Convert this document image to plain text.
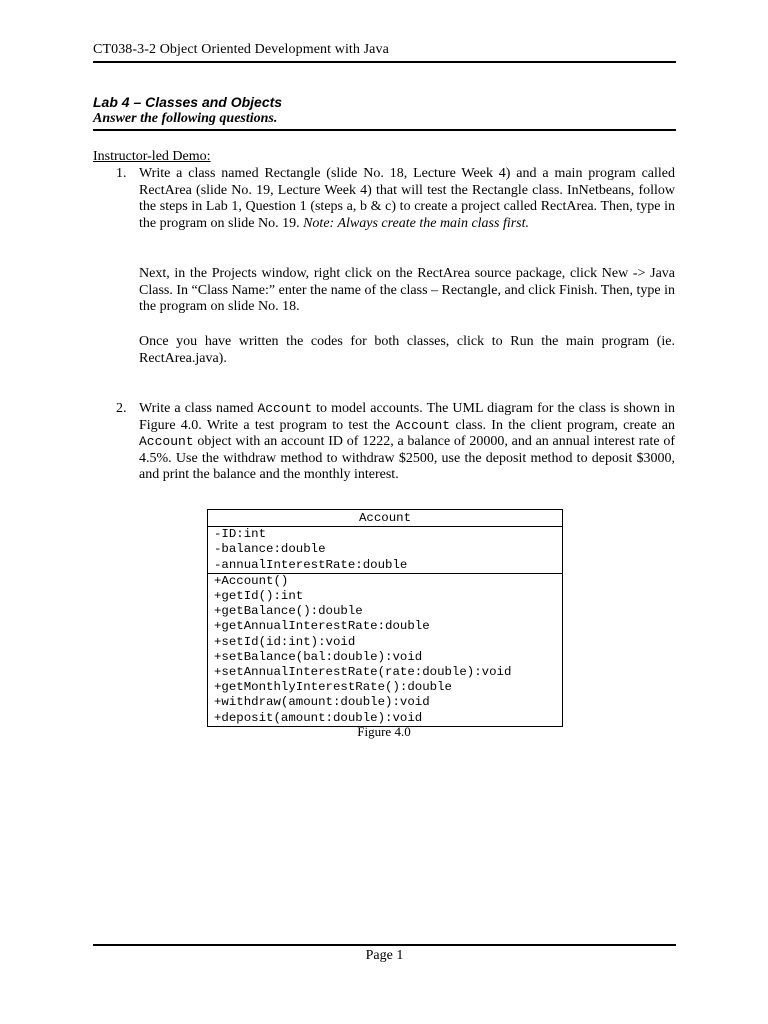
CT038-3-2 Object Oriented Development with Java
Lab 4 – Classes and Objects
Answer the following questions.
Instructor-led Demo:
1. Write a class named Rectangle (slide No. 18, Lecture Week 4) and a main program called RectArea (slide No. 19, Lecture Week 4) that will test the Rectangle class. InNetbeans, follow the steps in Lab 1, Question 1 (steps a, b & c) to create a project called RectArea. Then, type in the program on slide No. 19. Note: Always create the main class first.
Next, in the Projects window, right click on the RectArea source package, click New -> Java Class. In “Class Name:” enter the name of the class – Rectangle, and click Finish. Then, type in the program on slide No. 18.
Once you have written the codes for both classes, click to Run the main program (ie. RectArea.java).
2. Write a class named Account to model accounts. The UML diagram for the class is shown in Figure 4.0. Write a test program to test the Account class. In the client program, create an Account object with an account ID of 1222, a balance of 20000, and an annual interest rate of 4.5%. Use the withdraw method to withdraw $2500, use the deposit method to deposit $3000, and print the balance and the monthly interest.
Account
-ID:int
-balance:double
-annualInterestRate:double
+Account()
+getId():int
+getBalance():double
+getAnnualInterestRate:double
+setId(id:int):void
+setBalance(bal:double):void
+setAnnualInterestRate(rate:double):void
+getMonthlyInterestRate():double
+withdraw(amount:double):void
+deposit(amount:double):void
Figure 4.0
Page 1
